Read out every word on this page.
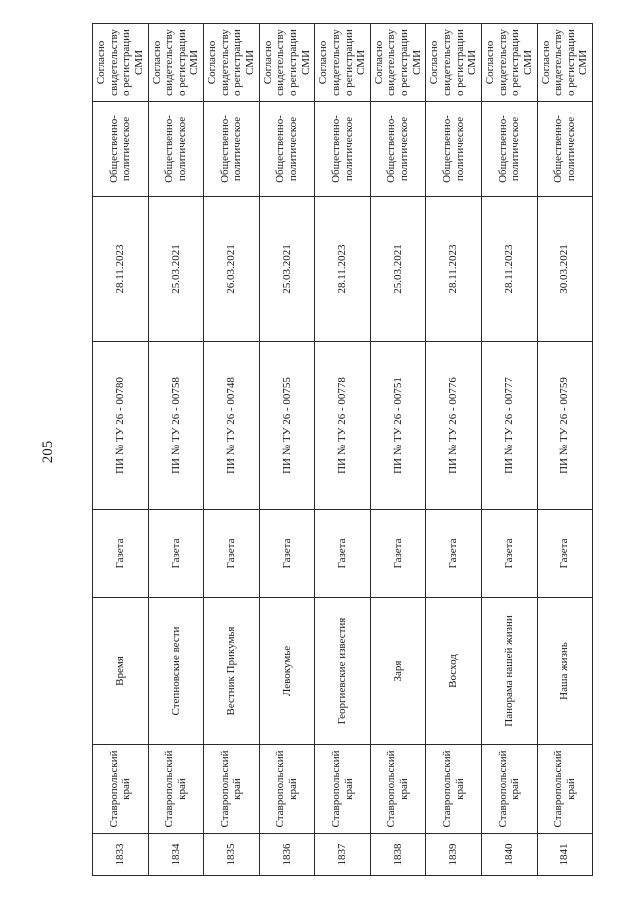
205
1833	Ставропольский край	Время	Газета	ПИ № ТУ 26 - 00780	28.11.2023	Общественно-политическое	Согласно свидетельству о регистрации СМИ
1834	Ставропольский край	Степновские вести	Газета	ПИ № ТУ 26 - 00758	25.03.2021	Общественно-политическое	Согласно свидетельству о регистрации СМИ
1835	Ставропольский край	Вестник Прикумья	Газета	ПИ № ТУ 26 - 00748	26.03.2021	Общественно-политическое	Согласно свидетельству о регистрации СМИ
1836	Ставропольский край	Левокумье	Газета	ПИ № ТУ 26 - 00755	25.03.2021	Общественно-политическое	Согласно свидетельству о регистрации СМИ
1837	Ставропольский край	Георгиевские известия	Газета	ПИ № ТУ 26 - 00778	28.11.2023	Общественно-политическое	Согласно свидетельству о регистрации СМИ
1838	Ставропольский край	Заря	Газета	ПИ № ТУ 26 - 00751	25.03.2021	Общественно-политическое	Согласно свидетельству о регистрации СМИ
1839	Ставропольский край	Восход	Газета	ПИ № ТУ 26 - 00776	28.11.2023	Общественно-политическое	Согласно свидетельству о регистрации СМИ
1840	Ставропольский край	Панорама нашей жизни	Газета	ПИ № ТУ 26 - 00777	28.11.2023	Общественно-политическое	Согласно свидетельству о регистрации СМИ
1841	Ставропольский край	Наша жизнь	Газета	ПИ № ТУ 26 - 00759	30.03.2021	Общественно-политическое	Согласно свидетельству о регистрации СМИ
